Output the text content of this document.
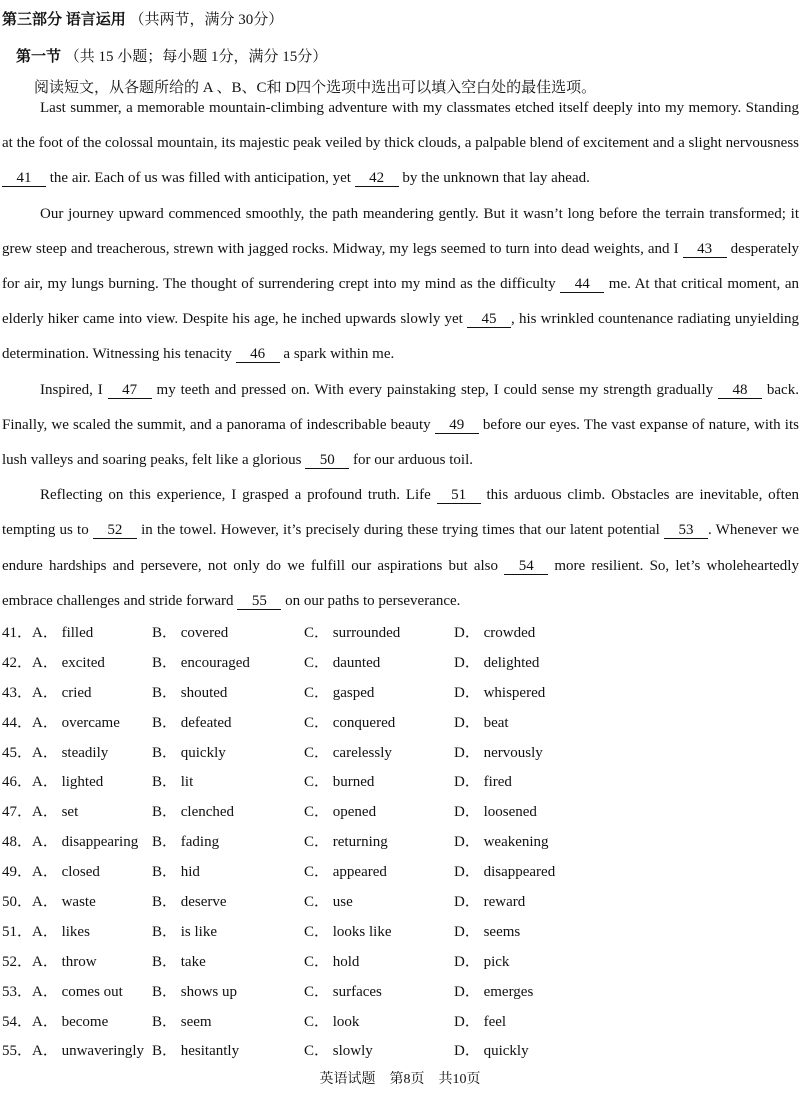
第三部分 语言运用 （共两节，满分 30分）
第一节 （共 15 小题；每小题 1分，满分 15分）
阅读短文，从各题所给的 A 、B、C和 D四个选项中选出可以填入空白处的最佳选项。

Last summer, a memorable mountain-climbing adventure with my classmates etched itself deeply into my memory. Standing at the foot of the colossal mountain, its majestic peak veiled by thick clouds, a palpable blend of excitement and a slight nervousness 41 the air. Each of us was filled with anticipation, yet 42 by the unknown that lay ahead.

Our journey upward commenced smoothly, the path meandering gently. But it wasn’t long before the terrain transformed; it grew steep and treacherous, strewn with jagged rocks. Midway, my legs seemed to turn into dead weights, and I 43 desperately for air, my lungs burning. The thought of surrendering crept into my mind as the difficulty 44 me. At that critical moment, an elderly hiker came into view. Despite his age, he inched upwards slowly yet 45 , his wrinkled countenance radiating unyielding determination. Witnessing his tenacity 46 a spark within me.

Inspired, I 47 my teeth and pressed on. With every painstaking step, I could sense my strength gradually 48 back. Finally, we scaled the summit, and a panorama of indescribable beauty 49 before our eyes. The vast expanse of nature, with its lush valleys and soaring peaks, felt like a glorious 50 for our arduous toil.

Reflecting on this experience, I grasped a profound truth. Life 51 this arduous climb. Obstacles are inevitable, often tempting us to 52 in the towel. However, it’s precisely during these trying times that our latent potential 53 . Whenever we endure hardships and persevere, not only do we fulfill our aspirations but also 54 more resilient. So, let’s wholeheartedly embrace challenges and stride forward 55 on our paths to perseverance.

41． A． filled	B． covered	C． surrounded	D． crowded
42． A． excited	B． encouraged	C． daunted	D． delighted
43． A． cried	B． shouted	C． gasped	D． whispered
44． A． overcame B． defeated	C． conquered	D． beat
45． A． steadily	B． quickly	C． carelessly	D． nervously
46． A． lighted	B． lit	C． burned	D． fired
47． A． set	B． clenched	C． opened	D． loosened
48． A． disappearing B． fading	C． returning	D． weakening
49． A． closed	B． hid	C． appeared	D． disappeared
50． A． waste	B． deserve	C． use	D． reward
51． A． likes	B． is like	C． looks like	D． seems
52． A． throw	B． take	C． hold	D． pick
53． A． comes out B． shows up	C． surfaces	D． emerges
54． A． become	B． seem	C． look	D． feel
55． A． unwaveringly B． hesitantly	C． slowly	D． quickly
英语试题　第8页　共10页
